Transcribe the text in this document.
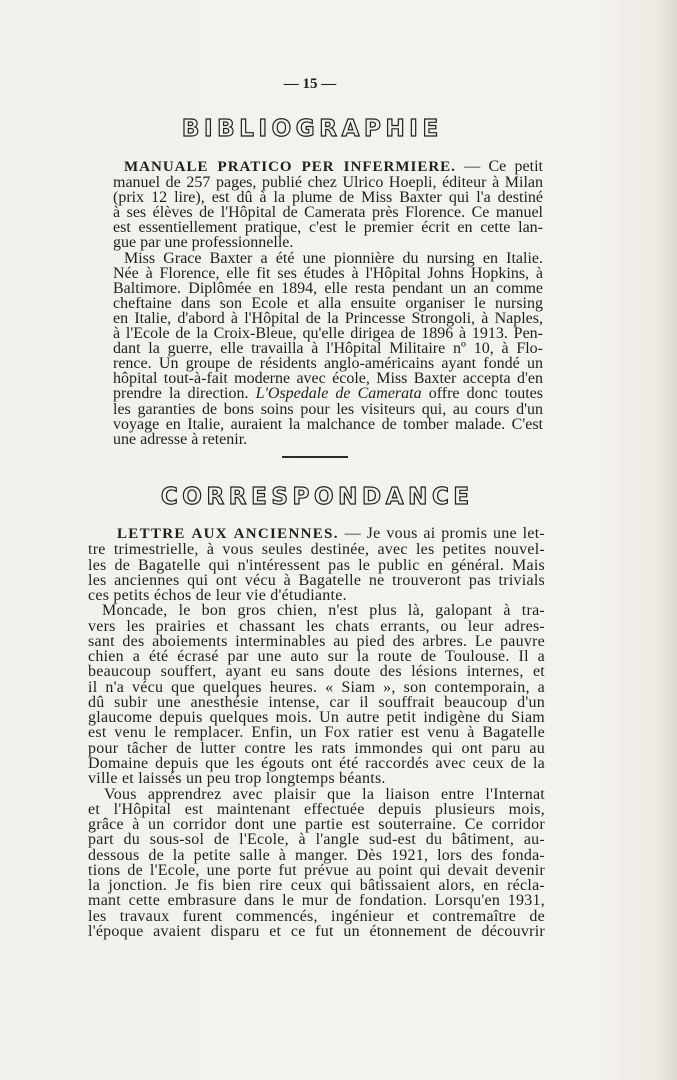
— 15 —
BIBLIOGRAPHIE
MANUALE PRATICO PER INFERMIERE. — Ce petit
manuel de 257 pages, publié chez Ulrico Hoepli, éditeur à Milan
(prix 12 lire), est dû à la plume de Miss Baxter qui l'a destiné
à ses élèves de l'Hôpital de Camerata près Florence. Ce manuel
est essentiellement pratique, c'est le premier écrit en cette lan-
gue par une professionnelle.
Miss Grace Baxter a été une pionnière du nursing en Italie.
Née à Florence, elle fit ses études à l'Hôpital Johns Hopkins, à
Baltimore. Diplômée en 1894, elle resta pendant un an comme
cheftaine dans son Ecole et alla ensuite organiser le nursing
en Italie, d'abord à l'Hôpital de la Princesse Strongoli, à Naples,
à l'Ecole de la Croix-Bleue, qu'elle dirigea de 1896 à 1913. Pen-
dant la guerre, elle travailla à l'Hôpital Militaire nº 10, à Flo-
rence. Un groupe de résidents anglo-américains ayant fondé un
hôpital tout-à-fait moderne avec école, Miss Baxter accepta d'en
prendre la direction. L'Ospedale de Camerata offre donc toutes
les garanties de bons soins pour les visiteurs qui, au cours d'un
voyage en Italie, auraient la malchance de tomber malade. C'est
une adresse à retenir.
CORRESPONDANCE
LETTRE AUX ANCIENNES. — Je vous ai promis une let-
tre trimestrielle, à vous seules destinée, avec les petites nouvel-
les de Bagatelle qui n'intéressent pas le public en général. Mais
les anciennes qui ont vécu à Bagatelle ne trouveront pas trivials
ces petits échos de leur vie d'étudiante.
Moncade, le bon gros chien, n'est plus là, galopant à tra-
vers les prairies et chassant les chats errants, ou leur adres-
sant des aboiements interminables au pied des arbres. Le pauvre
chien a été écrasé par une auto sur la route de Toulouse. Il a
beaucoup souffert, ayant eu sans doute des lésions internes, et
il n'a vécu que quelques heures. « Siam », son contemporain, a
dû subir une anesthésie intense, car il souffrait beaucoup d'un
glaucome depuis quelques mois. Un autre petit indigène du Siam
est venu le remplacer. Enfin, un Fox ratier est venu à Bagatelle
pour tâcher de lutter contre les rats immondes qui ont paru au
Domaine depuis que les égouts ont été raccordés avec ceux de la
ville et laissés un peu trop longtemps béants.
Vous apprendrez avec plaisir que la liaison entre l'Internat
et l'Hôpital est maintenant effectuée depuis plusieurs mois,
grâce à un corridor dont une partie est souterraine. Ce corridor
part du sous-sol de l'Ecole, à l'angle sud-est du bâtiment, au-
dessous de la petite salle à manger. Dès 1921, lors des fonda-
tions de l'Ecole, une porte fut prévue au point qui devait devenir
la jonction. Je fis bien rire ceux qui bâtissaient alors, en récla-
mant cette embrasure dans le mur de fondation. Lorsqu'en 1931,
les travaux furent commencés, ingénieur et contremaître de
l'époque avaient disparu et ce fut un étonnement de découvrir
